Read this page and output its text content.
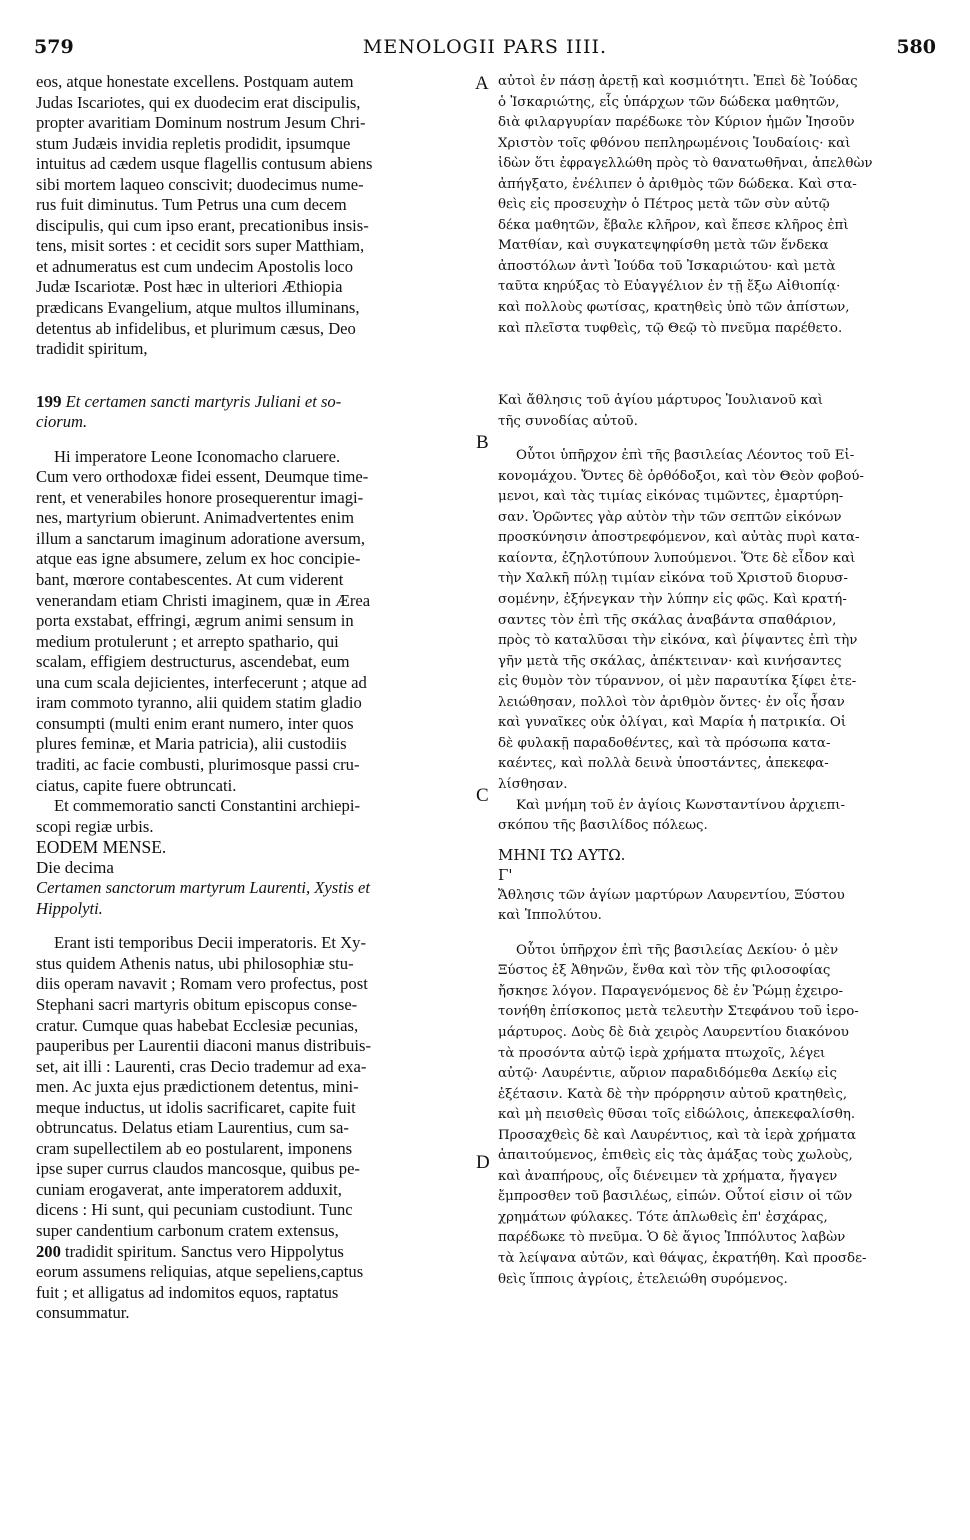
579	MENOLOGII PARS IIII.	580
A
B
C
D

eos, atque honestate excellens. Postquam autem

Judas Iscariotes, qui ex duodecim erat discipulis,

propter avaritiam Dominum nostrum Jesum Chri-

stum Judæis invidia repletis prodidit, ipsumque

intuitus ad cædem usque flagellis contusum abiens

sibi mortem laqueo conscivit; duodecimus nume-

rus fuit diminutus. Tum Petrus una cum decem

discipulis, qui cum ipso erant, precationibus insis-

tens, misit sortes : et cecidit sors super Matthiam,

et adnumeratus est cum undecim Apostolis loco

Judæ Iscariotæ. Post hæc in ulteriori Æthiopia

prædicans Evangelium, atque multos illuminans,

detentus ab infidelibus, et plurimum cæsus, Deo

tradidit spiritum,

199 Et certamen sancti martyris Juliani et so-

ciorum.

Hi imperatore Leone Iconomacho claruere.

Cum vero orthodoxæ fidei essent, Deumque time-

rent, et venerabiles honore prosequerentur imagi-

nes, martyrium obierunt. Animadvertentes enim

illum a sanctarum imaginum adoratione aversum,

atque eas igne absumere, zelum ex hoc concipie-

bant, mœrore contabescentes. At cum viderent

venerandam etiam Christi imaginem, quæ in Ærea

porta exstabat, effringi, ægrum animi sensum in

medium protulerunt ; et arrepto spathario, qui

scalam, effigiem destructurus, ascendebat, eum

una cum scala dejicientes, interfecerunt ; atque ad

iram commoto tyranno, alii quidem statim gladio

consumpti (multi enim erant numero, inter quos

plures feminæ, et Maria patricia), alii custodiis

traditi, ac facie combusti, plurimosque passi cru-

ciatus, capite fuere obtruncati.

Et commemoratio sancti Constantini archiepi-

scopi regiæ urbis.

EODEM MENSE.

Die decima

Certamen sanctorum martyrum Laurenti, Xystis et

Hippolyti.

Erant isti temporibus Decii imperatoris. Et Xy-

stus quidem Athenis natus, ubi philosophiæ stu-

diis operam navavit ; Romam vero profectus, post

Stephani sacri martyris obitum episcopus conse-

cratur. Cumque quas habebat Ecclesiæ pecunias,

pauperibus per Laurentii diaconi manus distribuis-

set, ait illi : Laurenti, cras Decio trademur ad exa-

men. Ac juxta ejus prædictionem detentus, mini-

meque inductus, ut idolis sacrificaret, capite fuit

obtruncatus. Delatus etiam Laurentius, cum sa-

cram supellectilem ab eo postularent, imponens

ipse super currus claudos mancosque, quibus pe-

cuniam erogaverat, ante imperatorem adduxit,

dicens : Hi sunt, qui pecuniam custodiunt. Tunc

super candentium carbonum cratem extensus,

200 tradidit spiritum. Sanctus vero Hippolytus

eorum assumens reliquias, atque sepeliens,captus

fuit ; et alligatus ad indomitos equos, raptatus

consummatur.

αὐτοὶ ἐν πάσῃ ἀρετῇ καὶ κοσμιότητι. Ἐπεὶ δὲ Ἰούδας

ὁ Ἰσκαριώτης, εἷς ὑπάρχων τῶν δώδεκα μαθητῶν,

διὰ φιλαργυρίαν παρέδωκε τὸν Κύριον ἡμῶν Ἰησοῦν

Χριστὸν τοῖς φθόνου πεπληρωμένοις Ἰουδαίοις· καὶ

ἰδὼν ὅτι ἐφραγελλώθη πρὸς τὸ θανατωθῆναι, ἀπελθὼν

ἀπήγξατο, ἐνέλιπεν ὁ ἀριθμὸς τῶν δώδεκα. Καὶ στα-

θεὶς εἰς προσευχὴν ὁ Πέτρος μετὰ τῶν σὺν αὐτῷ

δέκα μαθητῶν, ἔβαλε κλῆρον, καὶ ἔπεσε κλῆρος ἐπὶ

Ματθίαν, καὶ συγκατεψηφίσθη μετὰ τῶν ἕνδεκα

ἀποστόλων ἀντὶ Ἰούδα τοῦ Ἰσκαριώτου· καὶ μετὰ

ταῦτα κηρύξας τὸ Εὐαγγέλιον ἐν τῇ ἔξω Αἰθιοπίᾳ·

καὶ πολλοὺς φωτίσας, κρατηθεὶς ὑπὸ τῶν ἀπίστων,

καὶ πλεῖστα τυφθεὶς, τῷ Θεῷ τὸ πνεῦμα παρέθετο.

Καὶ ἄθλησις τοῦ ἁγίου μάρτυρος Ἰουλιανοῦ καὶ

τῆς συνοδίας αὐτοῦ.

Οὗτοι ὑπῆρχον ἐπὶ τῆς βασιλείας Λέοντος τοῦ Εἰ-

κονομάχου. Ὄντες δὲ ὀρθόδοξοι, καὶ τὸν Θεὸν φοβού-

μενοι, καὶ τὰς τιμίας εἰκόνας τιμῶντες, ἐμαρτύρη-

σαν. Ὁρῶντες γὰρ αὐτὸν τὴν τῶν σεπτῶν εἰκόνων

προσκύνησιν ἀποστρεφόμενον, καὶ αὐτὰς πυρὶ κατα-

καίοντα, ἐζηλοτύπουν λυπούμενοι. Ὅτε δὲ εἶδον καὶ

τὴν Χαλκῆ πύλῃ τιμίαν εἰκόνα τοῦ Χριστοῦ διορυσ-

σομένην, ἐξήνεγκαν τὴν λύπην εἰς φῶς. Καὶ κρατή-

σαντες τὸν ἐπὶ τῆς σκάλας ἀναβάντα σπαθάριον,

πρὸς τὸ καταλῦσαι τὴν εἰκόνα, καὶ ῥίψαντες ἐπὶ τὴν

γῆν μετὰ τῆς σκάλας, ἀπέκτειναν· καὶ κινήσαντες

εἰς θυμὸν τὸν τύραννον, οἱ μὲν παραυτίκα ξίφει ἐτε-

λειώθησαν, πολλοὶ τὸν ἀριθμὸν ὄντες· ἐν οἷς ἦσαν

καὶ γυναῖκες οὐκ ὀλίγαι, καὶ Μαρία ἡ πατρικία. Οἱ

δὲ φυλακῇ παραδοθέντες, καὶ τὰ πρόσωπα κατα-

καέντες, καὶ πολλὰ δεινὰ ὑποστάντες, ἀπεκεφα-

λίσθησαν.

Καὶ μνήμη τοῦ ἐν ἁγίοις Κωνσταντίνου ἀρχιεπι-

σκόπου τῆς βασιλίδος πόλεως.

ΜΗΝΙ ΤΩ ΑΥΤΩ.

Γ'

Ἄθλησις τῶν ἁγίων μαρτύρων Λαυρεντίου, Ξύστου

καὶ Ἱππολύτου.

Οὗτοι ὑπῆρχον ἐπὶ τῆς βασιλείας Δεκίου· ὁ μὲν

Ξύστος ἐξ Ἀθηνῶν, ἔνθα καὶ τὸν τῆς φιλοσοφίας

ἤσκησε λόγον. Παραγενόμενος δὲ ἐν Ῥώμῃ ἐχειρο-

τονήθη ἐπίσκοπος μετὰ τελευτὴν Στεφάνου τοῦ ἱερο-

μάρτυρος. Δοὺς δὲ διὰ χειρὸς Λαυρεντίου διακόνου

τὰ προσόντα αὐτῷ ἱερὰ χρήματα πτωχοῖς, λέγει

αὐτῷ· Λαυρέντιε, αὔριον παραδιδόμεθα Δεκίῳ εἰς

ἐξέτασιν. Κατὰ δὲ τὴν πρόρρησιν αὐτοῦ κρατηθεὶς,

καὶ μὴ πεισθεὶς θῦσαι τοῖς εἰδώλοις, ἀπεκεφαλίσθη.

Προσαχθεὶς δὲ καὶ Λαυρέντιος, καὶ τὰ ἱερὰ χρήματα

ἀπαιτούμενος, ἐπιθεὶς εἰς τὰς ἁμάξας τοὺς χωλοὺς,

καὶ ἀναπήρους, οἷς διένειμεν τὰ χρήματα, ἤγαγεν

ἔμπροσθεν τοῦ βασιλέως, εἰπών. Οὗτοί εἰσιν οἱ τῶν

χρημάτων φύλακες. Τότε ἁπλωθεὶς ἐπ' ἐσχάρας,

παρέδωκε τὸ πνεῦμα. Ὁ δὲ ἅγιος Ἱππόλυτος λαβὼν

τὰ λείψανα αὐτῶν, καὶ θάψας, ἐκρατήθη. Καὶ προσδε-

θεὶς ἵπποις ἀγρίοις, ἐτελειώθη συρόμενος.
